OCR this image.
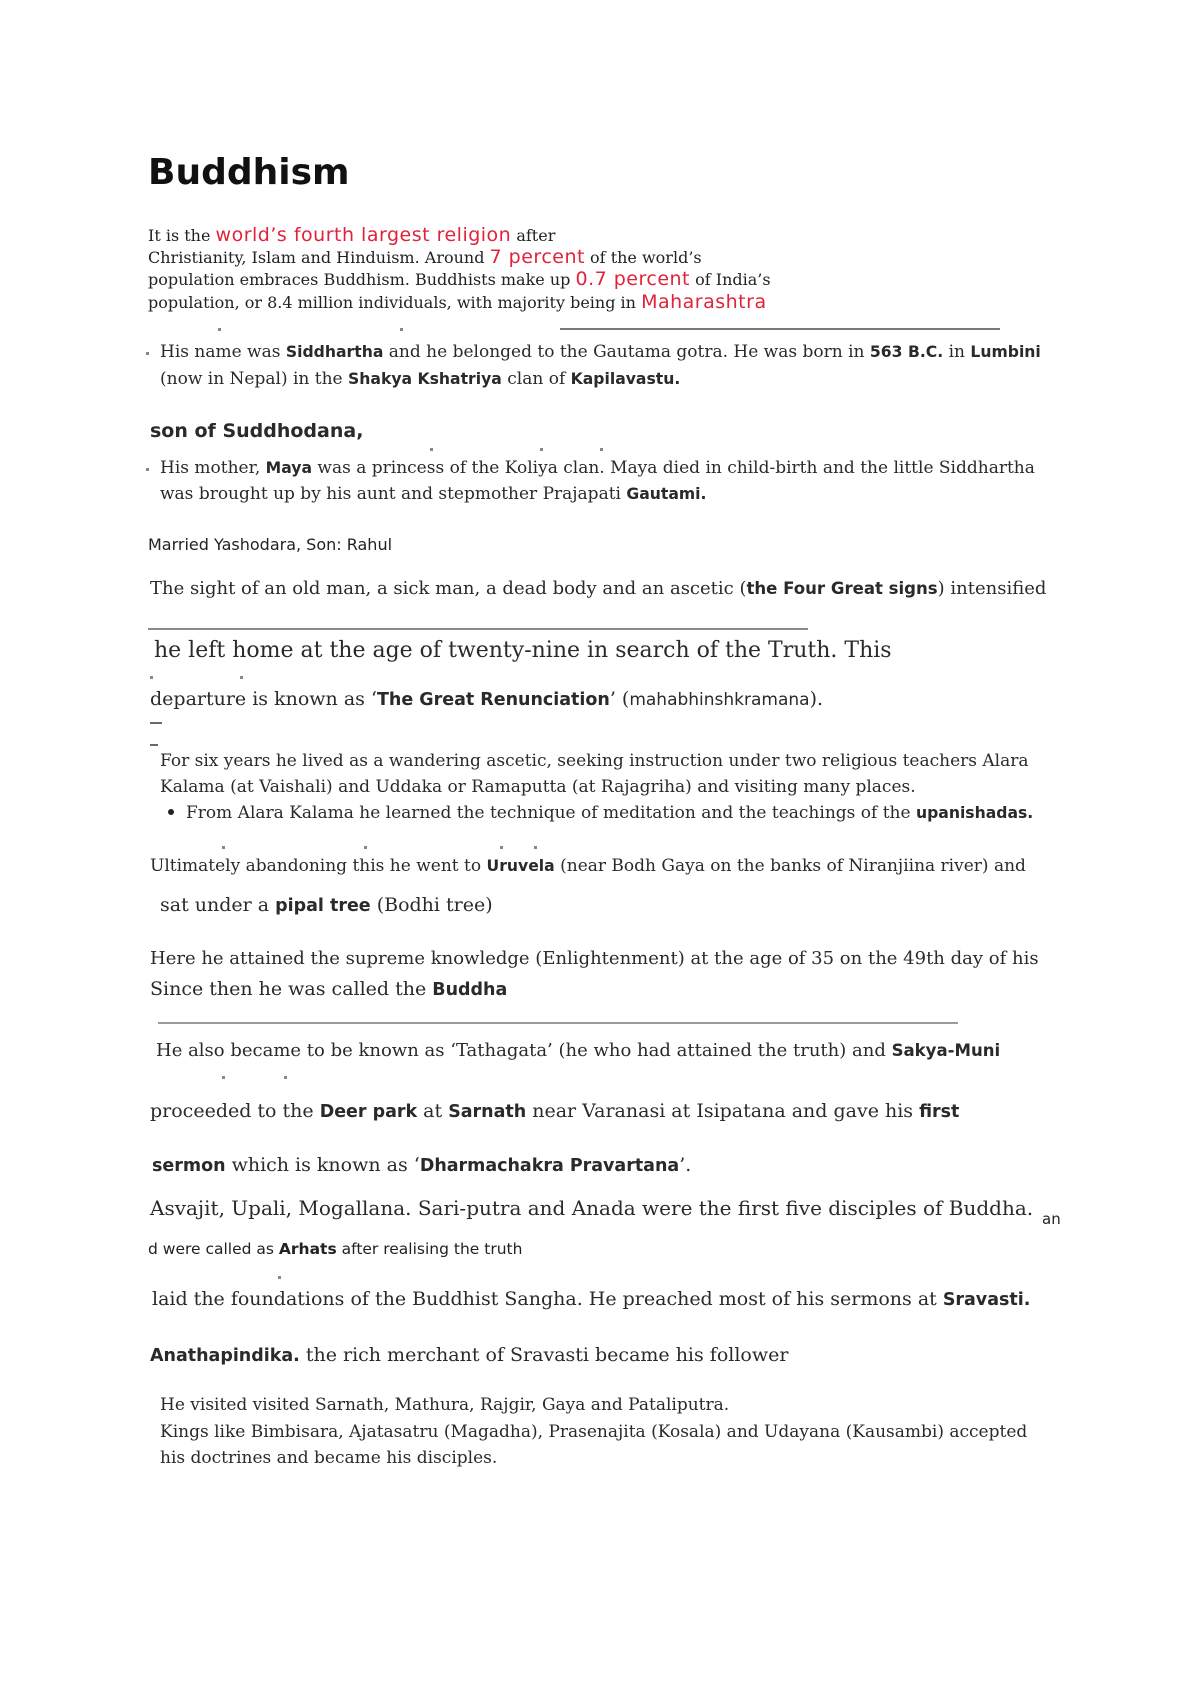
Buddhism
It is the world’s fourth largest religion after
Christianity, Islam and Hinduism. Around 7 percent of the world’s
population embraces Buddhism. Buddhists make up 0.7 percent of India’s
population, or 8.4 million individuals, with majority being in Maharashtra
His name was Siddhartha and he belonged to the Gautama gotra. He was born in 563 B.C. in Lumbini
(now in Nepal) in the Shakya Kshatriya clan of Kapilavastu.
son of Suddhodana,
His mother, Maya was a princess of the Koliya clan. Maya died in child-birth and the little Siddhartha
was brought up by his aunt and stepmother Prajapati Gautami.
Married Yashodara, Son: Rahul
The sight of an old man, a sick man, a dead body and an ascetic (the Four Great signs) intensified
he left home at the age of twenty-nine in search of the Truth. This
departure is known as ‘The Great Renunciation’ (mahabhinshkramana).
For six years he lived as a wandering ascetic, seeking instruction under two religious teachers Alara
Kalama (at Vaishali) and Uddaka or Ramaputta (at Rajagriha) and visiting many places.
From Alara Kalama he learned the technique of meditation and the teachings of the upanishadas.
Ultimately abandoning this he went to Uruvela (near Bodh Gaya on the banks of Niranjiina river) and
sat under a pipal tree (Bodhi tree)
Here he attained the supreme knowledge (Enlightenment) at the age of 35 on the 49th day of his
Since then he was called the Buddha
He also became to be known as ‘Tathagata’ (he who had attained the truth) and Sakya-Muni
proceeded to the Deer park at Sarnath near Varanasi at Isipatana and gave his first
sermon which is known as ‘Dharmachakra Pravartana’.
Asvajit, Upali, Mogallana. Sari-putra and Anada were the first five disciples of Buddha. an
d were called as Arhats after realising the truth
laid the foundations of the Buddhist Sangha. He preached most of his sermons at Sravasti.
Anathapindika. the rich merchant of Sravasti became his follower
He visited visited Sarnath, Mathura, Rajgir, Gaya and Pataliputra.
Kings like Bimbisara, Ajatasatru (Magadha), Prasenajita (Kosala) and Udayana (Kausambi) accepted
his doctrines and became his disciples.
